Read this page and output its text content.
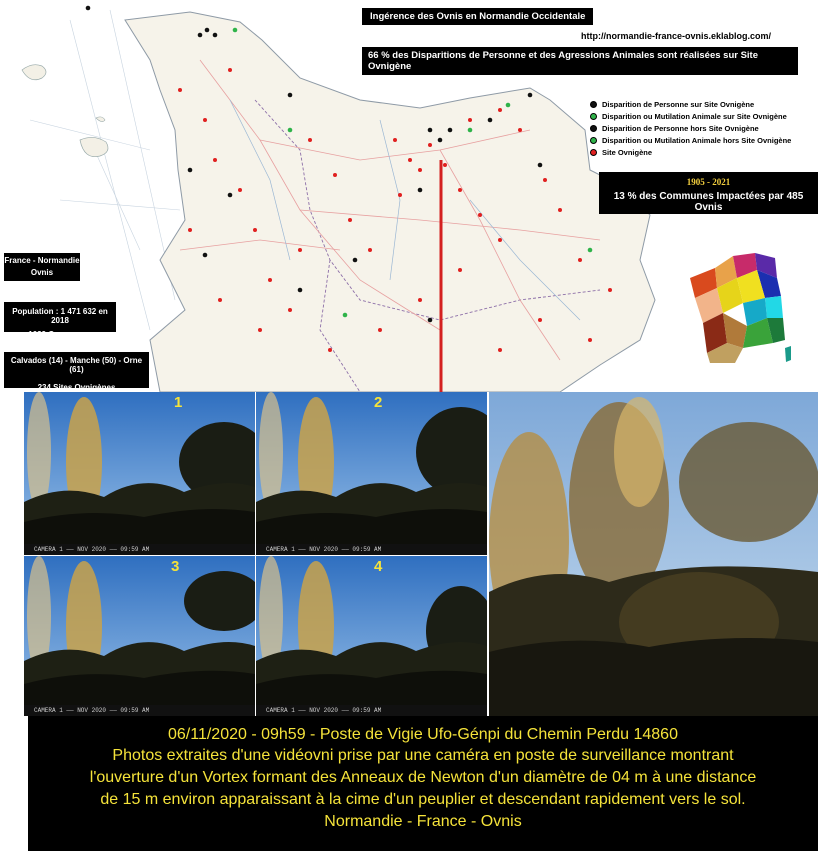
Ingérence des Ovnis en Normandie Occidentale
http://normandie-france-ovnis.eklablog.com/
66 % des Disparitions de Personne et des Agressions Animales sont réalisées sur Site Ovnigène
Disparition de Personne sur Site Ovnigène
Disparition ou Mutilation Animale sur Site Ovnigène
Disparition de Personne hors Site Ovnigène
Disparition ou Mutilation Animale hors Site Ovnigène
Site Ovnigène
1905 - 2021
13 % des Communes Impactées par 485 Ovnis
France - Normandie
Ovnis
Population : 1 471 632 en 2018
1632 Communes
Calvados (14) - Manche (50) - Orne (61)
234 Sites Ovnigènes
1
CAMERA 1 ── NOV 2020 ── 09:59 AM
2
CAMERA 1 ── NOV 2020 ── 09:59 AM
3
CAMERA 1 ── NOV 2020 ── 09:59 AM
4
CAMERA 1 ── NOV 2020 ── 09:59 AM
06/11/2020 - 09h59 - Poste de Vigie Ufo-Génpi du Chemin Perdu 14860
Photos extraites d'une vidéovni prise par une caméra en poste de surveillance montrant
l'ouverture d'un Vortex formant des Anneaux de Newton d'un diamètre de 04 m à une distance
de 15 m environ apparaissant à la cime d'un peuplier et descendant rapidement vers le sol.
Normandie - France - Ovnis
